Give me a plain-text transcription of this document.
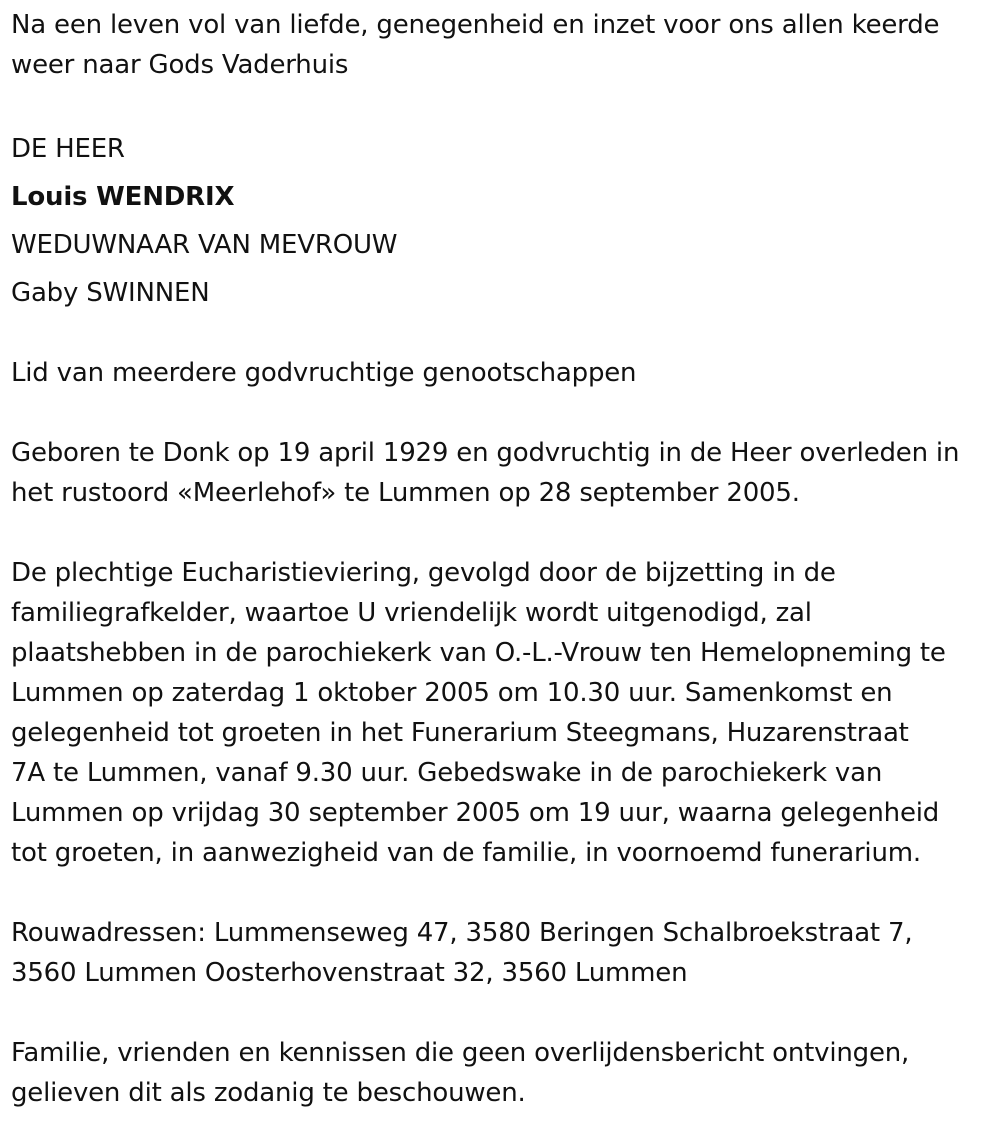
Na een leven vol van liefde, genegenheid en inzet voor ons allen keerde
weer naar Gods Vaderhuis
DE HEER
Louis WENDRIX
WEDUWNAAR VAN MEVROUW
Gaby SWINNEN
Lid van meerdere godvruchtige genootschappen
Geboren te Donk op 19 april 1929 en godvruchtig in de Heer overleden in
het rustoord «Meerlehof» te Lummen op 28 september 2005.
De plechtige Eucharistieviering, gevolgd door de bijzetting in de
familiegrafkelder, waartoe U vriendelijk wordt uitgenodigd, zal
plaatshebben in de parochiekerk van O.-L.-Vrouw ten Hemelopneming te
Lummen op zaterdag 1 oktober 2005 om 10.30 uur. Samenkomst en
gelegenheid tot groeten in het Funerarium Steegmans, Huzarenstraat
7A te Lummen, vanaf 9.30 uur. Gebedswake in de parochiekerk van
Lummen op vrijdag 30 september 2005 om 19 uur, waarna gelegenheid
tot groeten, in aanwezigheid van de familie, in voornoemd funerarium.
Rouwadressen: Lummenseweg 47, 3580 Beringen Schalbroekstraat 7,
3560 Lummen Oosterhovenstraat 32, 3560 Lummen
Familie, vrienden en kennissen die geen overlijdensbericht ontvingen,
gelieven dit als zodanig te beschouwen.
